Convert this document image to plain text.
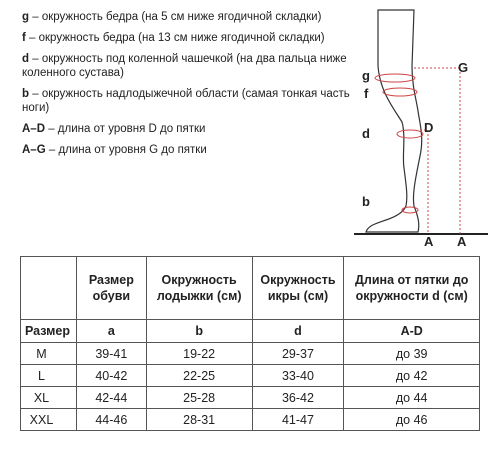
g – окружность бедра (на 5 см ниже ягодичной складки)

f – окружность бедра (на 13 см ниже ягодичной складки)

d – окружность под коленной чашечкой (на два пальца ниже коленного сустава)

b – окружность надлодыжечной области (самая тонкая часть ноги)

A–D – длина от уровня D до пятки

A–G – длина от уровня G до пятки

g
f
d
b
G
D
A A
	Размер обуви	Окружность лодыжки (см)	Окружность икры (см)	Длина от пятки до окружности d (см)
Размер	a	b	d	A-D
M	39-41	19-22	29-37	до 39
L	40-42	22-25	33-40	до 42
XL	42-44	25-28	36-42	до 44
XXL	44-46	28-31	41-47	до 46
